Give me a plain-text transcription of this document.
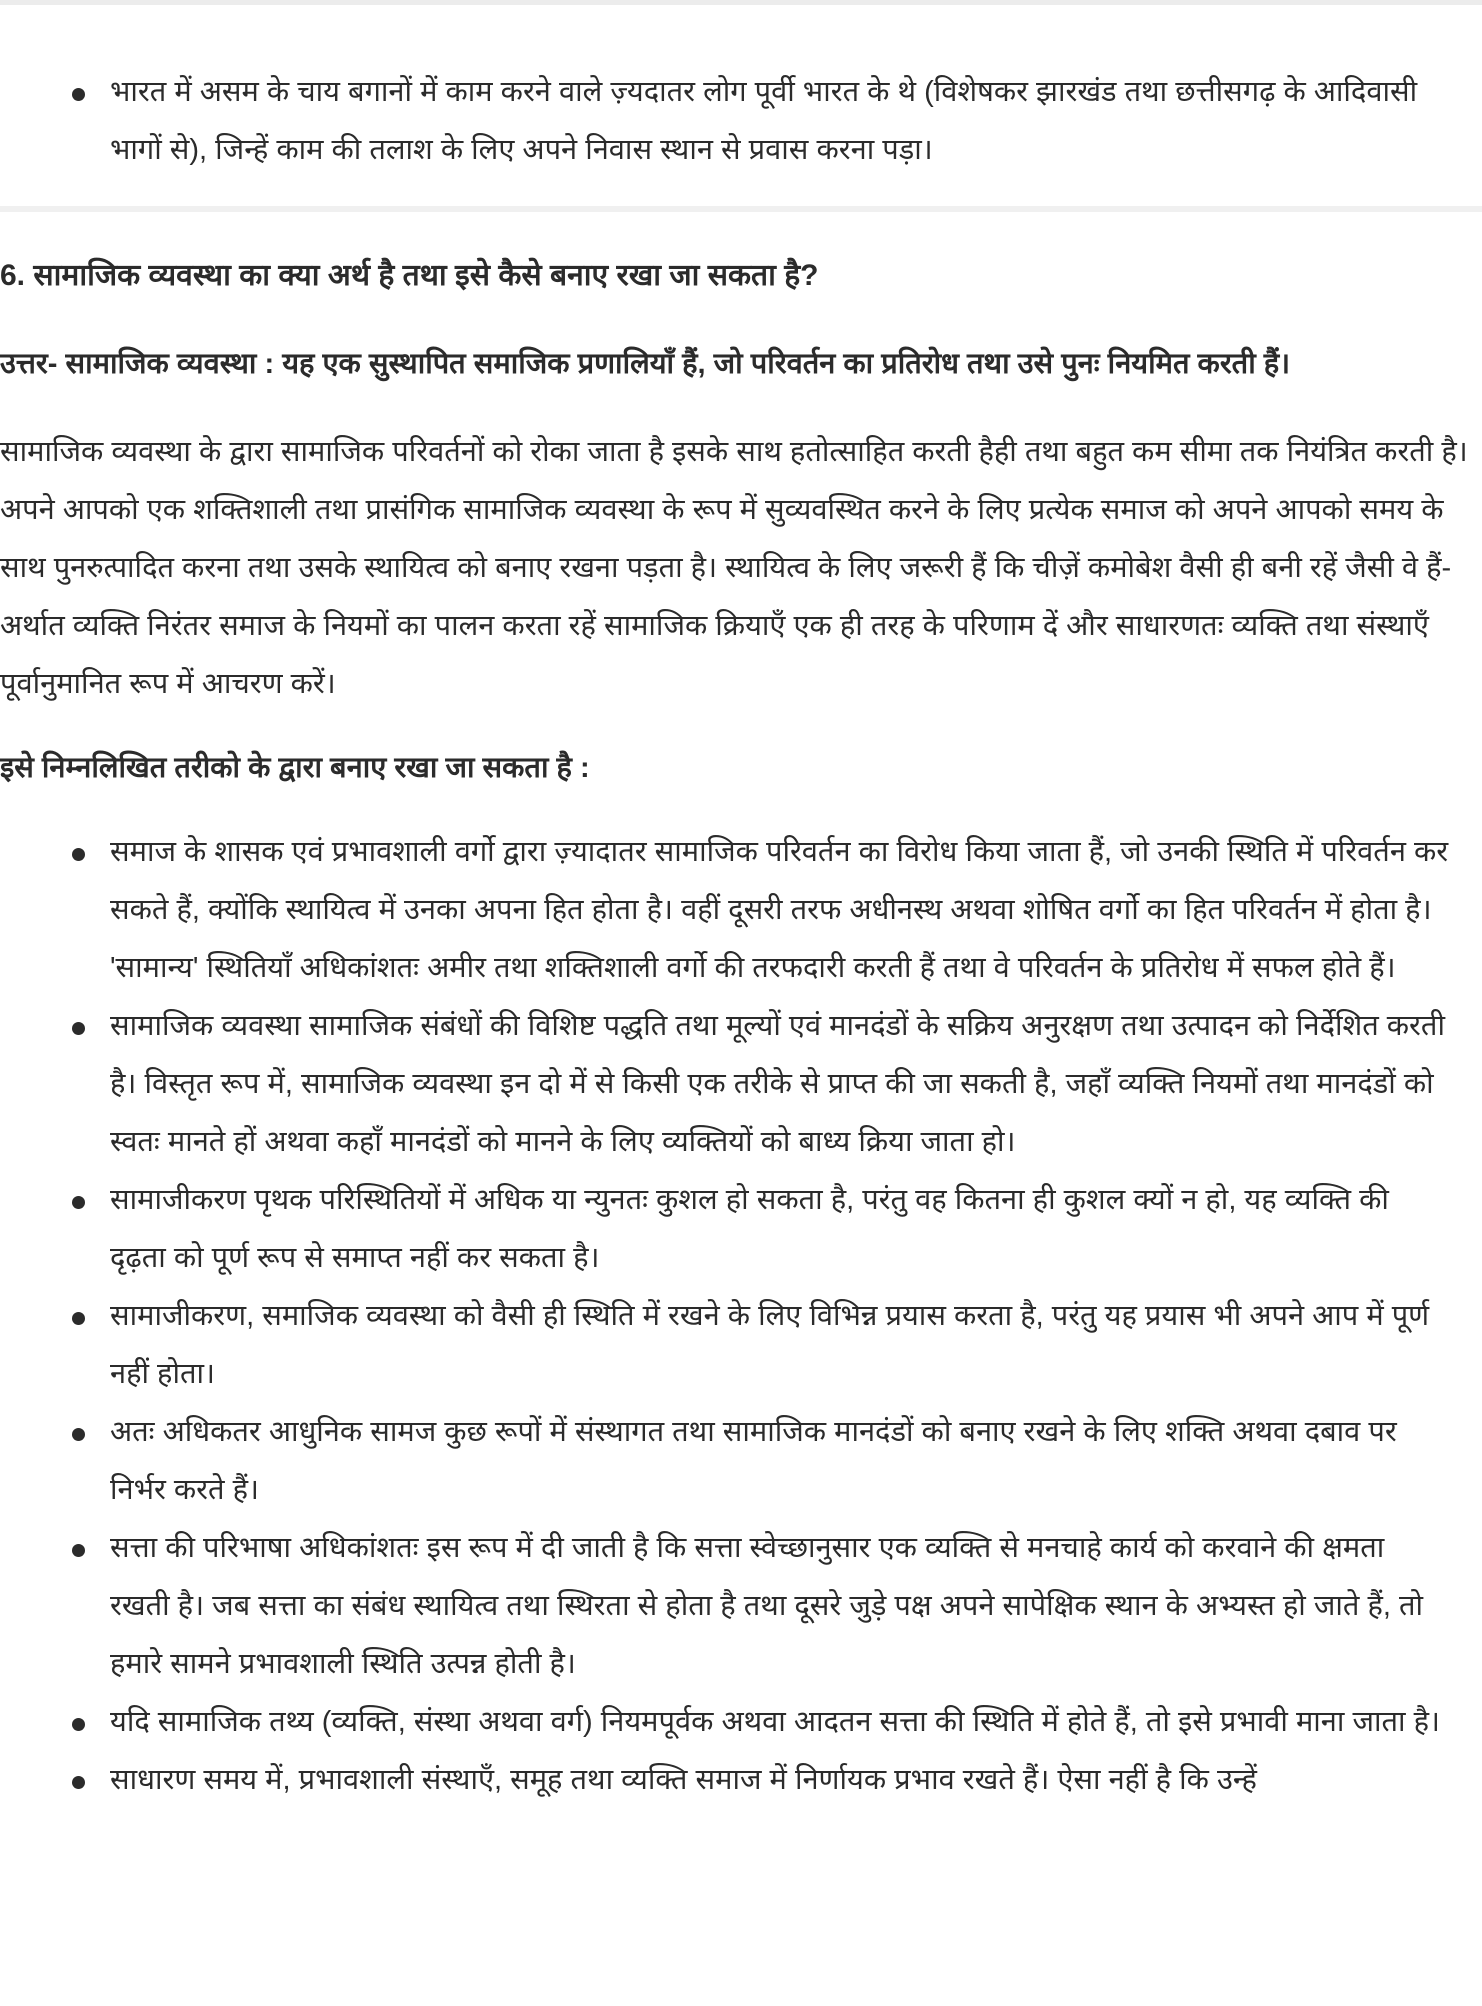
भारत में असम के चाय बगानों में काम करने वाले ज़्यदातर लोग पूर्वी भारत के थे (विशेषकर झारखंड तथा छत्तीसगढ़ के आदिवासी भागों से), जिन्हें काम की तलाश के लिए अपने निवास स्थान से प्रवास करना पड़ा।
6. सामाजिक व्यवस्था का क्या अर्थ है तथा इसे कैसे बनाए रखा जा सकता है?
उत्तर- सामाजिक व्यवस्था : यह एक सुस्थापित समाजिक प्रणालियाँ हैं, जो परिवर्तन का प्रतिरोध तथा उसे पुनः नियमित करती हैं।

सामाजिक व्यवस्था के द्वारा सामाजिक परिवर्तनों को रोका जाता है इसके साथ हतोत्साहित करती हैही तथा बहुत कम सीमा तक नियंत्रित करती है। अपने आपको एक शक्तिशाली तथा प्रासंगिक सामाजिक व्यवस्था के रूप में सुव्यवस्थित करने के लिए प्रत्येक समाज को अपने आपको समय के साथ पुनरुत्पादित करना तथा उसके स्थायित्व को बनाए रखना पड़ता है। स्थायित्व के लिए जरूरी हैं कि चीज़ें कमोबेश वैसी ही बनी रहें जैसी वे हैं-अर्थात व्यक्ति निरंतर समाज के नियमों का पालन करता रहें सामाजिक क्रियाएँ एक ही तरह के परिणाम दें और साधारणतः व्यक्ति तथा संस्थाएँ पूर्वानुमानित रूप में आचरण करें।

इसे निम्नलिखित तरीको के द्वारा बनाए रखा जा सकता है :
समाज के शासक एवं प्रभावशाली वर्गो द्वारा ज़्यादातर सामाजिक परिवर्तन का विरोध किया जाता हैं, जो उनकी स्थिति में परिवर्तन कर सकते हैं, क्योंकि स्थायित्व में उनका अपना हित होता है। वहीं दूसरी तरफ अधीनस्थ अथवा शोषित वर्गो का हित परिवर्तन में होता है। 'सामान्य' स्थितियाँ अधिकांशतः अमीर तथा शक्तिशाली वर्गो की तरफदारी करती हैं तथा वे परिवर्तन के प्रतिरोध में सफल होते हैं।
सामाजिक व्यवस्था सामाजिक संबंधों की विशिष्ट पद्धति तथा मूल्यों एवं मानदंडों के सक्रिय अनुरक्षण तथा उत्पादन को निर्देशित करती है। विस्तृत रूप में, सामाजिक व्यवस्था इन दो में से किसी एक तरीके से प्राप्त की जा सकती है, जहाँ व्यक्ति नियमों तथा मानदंडों को स्वतः मानते हों अथवा कहाँ मानदंडों को मानने के लिए व्यक्तियों को बाध्य क्रिया जाता हो।
सामाजीकरण पृथक परिस्थितियों में अधिक या न्युनतः कुशल हो सकता है, परंतु वह कितना ही कुशल क्यों न हो, यह व्यक्ति की दृढ़ता को पूर्ण रूप से समाप्त नहीं कर सकता है।
सामाजीकरण, समाजिक व्यवस्था को वैसी ही स्थिति में रखने के लिए विभिन्न प्रयास करता है, परंतु यह प्रयास भी अपने आप में पूर्ण नहीं होता।
अतः अधिकतर आधुनिक सामज कुछ रूपों में संस्थागत तथा सामाजिक मानदंडों को बनाए रखने के लिए शक्ति अथवा दबाव पर निर्भर करते हैं।
सत्ता की परिभाषा अधिकांशतः इस रूप में दी जाती है कि सत्ता स्वेच्छानुसार एक व्यक्ति से मनचाहे कार्य को करवाने की क्षमता रखती है। जब सत्ता का संबंध स्थायित्व तथा स्थिरता से होता है तथा दूसरे जुड़े पक्ष अपने सापेक्षिक स्थान के अभ्यस्त हो जाते हैं, तो हमारे सामने प्रभावशाली स्थिति उत्पन्न होती है।
यदि सामाजिक तथ्य (व्यक्ति, संस्था अथवा वर्ग) नियमपूर्वक अथवा आदतन सत्ता की स्थिति में होते हैं, तो इसे प्रभावी माना जाता है।
साधारण समय में, प्रभावशाली संस्थाएँ, समूह तथा व्यक्ति समाज में निर्णायक प्रभाव रखते हैं। ऐसा नहीं है कि उन्हें
